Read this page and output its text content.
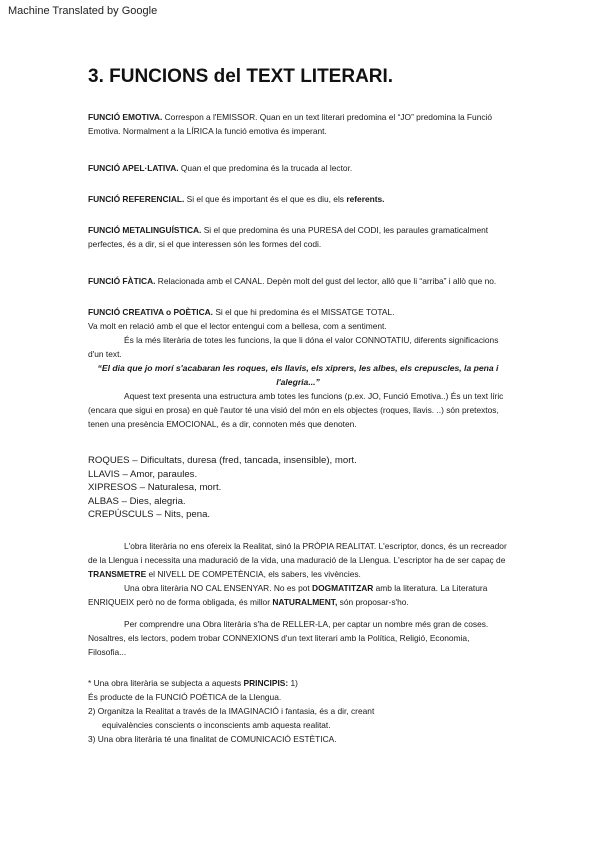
Machine Translated by Google
3. FUNCIONS del TEXT LITERARI.

FUNCIÓ EMOTIVA. Correspon a l'EMISSOR. Quan en un text literari predomina el “JO” predomina la Funció Emotiva. Normalment a la LÍRICA la funció emotiva és imperant.

FUNCIÓ APEL·LATIVA. Quan el que predomina és la trucada al lector.

FUNCIÓ REFERENCIAL. Si el que és important és el que es diu, els referents.

FUNCIÓ METALINGUÍSTICA. Si el que predomina és una PURESA del CODI, les paraules gramaticalment perfectes, és a dir, si el que interessen són les formes del codi.

FUNCIÓ FÀTICA. Relacionada amb el CANAL. Depèn molt del gust del lector, allò que li “arriba” i allò que no.

FUNCIÓ CREATIVA o POÈTICA. Si el que hi predomina és el MISSATGE TOTAL.

Va molt en relació amb el que el lector entengui com a bellesa, com a sentiment.

És la més literària de totes les funcions, la que li dóna el valor CONNOTATIU, diferents significacions d'un text.

“El dia que jo morí s'acabaran les roques, els llavis, els xiprers, les albes, els crepuscles, la pena i l'alegria...”

Aquest text presenta una estructura amb totes les funcions (p.ex. JO, Funció Emotiva..) És un text líric (encara que sigui en prosa) en què l'autor té una visió del món en els objectes (roques, llavis. ..) són pretextos, tenen una presència EMOCIONAL, és a dir, connoten més que denoten.

ROQUES – Dificultats, duresa (fred, tancada, insensible), mort.

LLAVIS – Amor, paraules.

XIPRESOS – Naturalesa, mort.

ALBAS – Dies, alegria.

CREPÚSCULS – Nits, pena.

L'obra literària no ens ofereix la Realitat, sinó la PRÒPIA REALITAT. L'escriptor, doncs, és un recreador de la Llengua i necessita una maduració de la vida, una maduració de la Llengua. L'escriptor ha de ser capaç de TRANSMETRE el NIVELL DE COMPETÈNCIA, els sabers, les vivències.

Una obra literària NO CAL ENSENYAR. No es pot DOGMATITZAR amb la literatura. La Literatura ENRIQUEIX però no de forma obligada, és millor NATURALMENT, són proposar-s'ho.

Per comprendre una Obra literària s'ha de RELLER-LA, per captar un nombre més gran de coses. Nosaltres, els lectors, podem trobar CONNEXIONS d'un text literari amb la Política, Religió, Economia, Filosofia...

* Una obra literària se subjecta a aquests PRINCIPIS: 1)

És producte de la FUNCIÓ POÈTICA de la Llengua.

2) Organitza la Realitat a través de la IMAGINACIÓ i fantasia, és a dir, creant

equivalències conscients o inconscients amb aquesta realitat.

3) Una obra literària té una finalitat de COMUNICACIÓ ESTÈTICA.
